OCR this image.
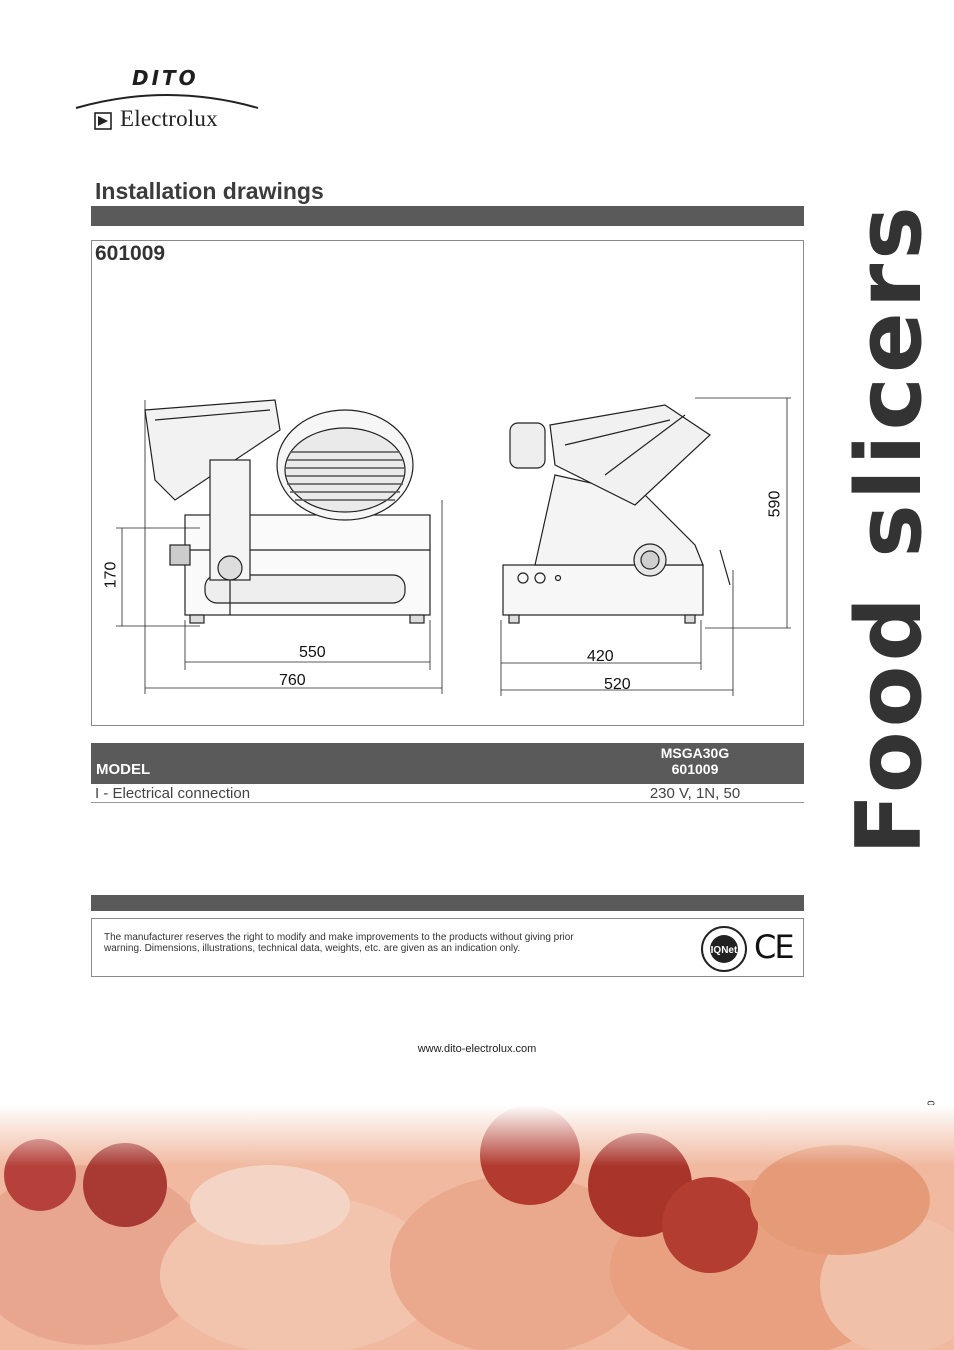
DITO
Electrolux
Installation drawings
601009
550
760
170
420
520
590
MODEL
MSGA30G
601009
I - Electrical connection	230 V, 1N, 50
The manufacturer reserves the right to modify and make improvements to the products without giving prior warning. Dimensions, illustrations, technical data, weights, etc. are given as an indication only.	IQNet CE
www.dito-electrolux.com
Food slicers
